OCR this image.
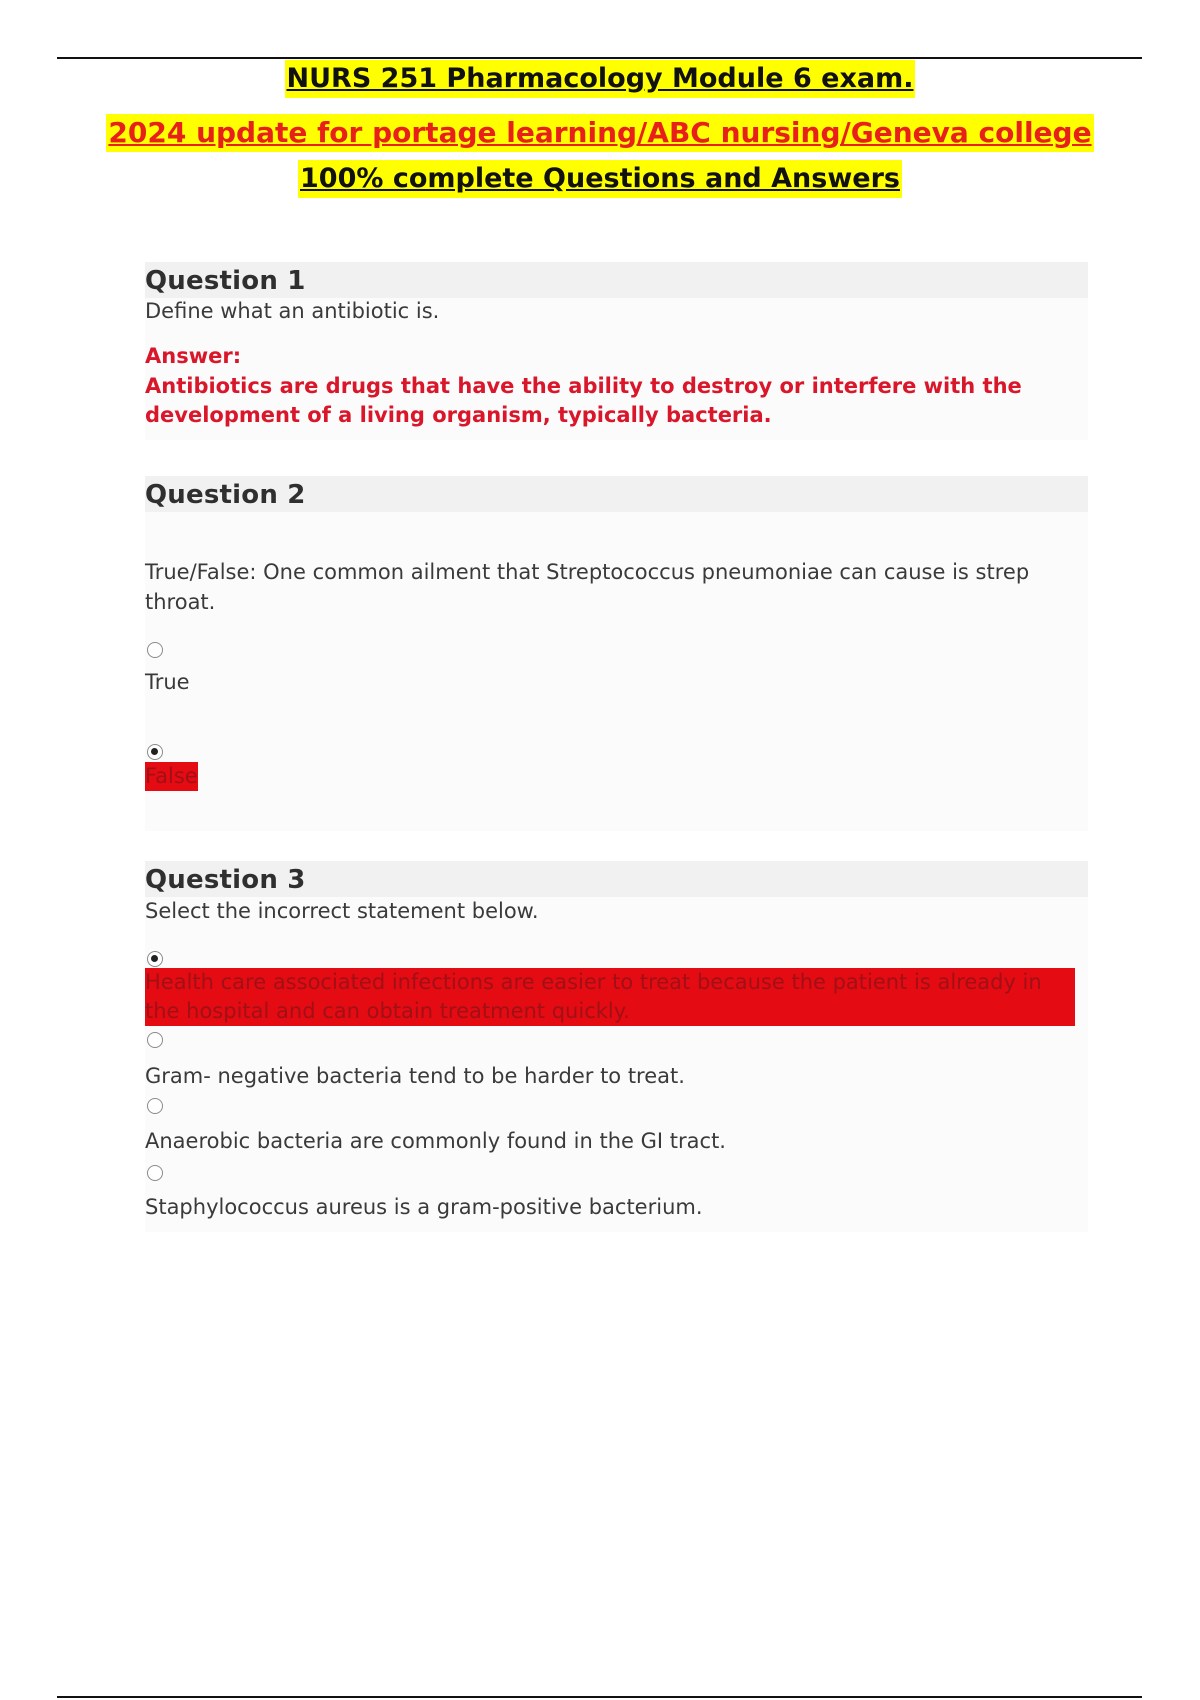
NURS 251 Pharmacology Module 6 exam.
2024 update for portage learning/ABC nursing/Geneva college
100% complete Questions and Answers
Question 1
Define what an antibiotic is.
Answer:
Antibiotics are drugs that have the ability to destroy or interfere with the development of a living organism, typically bacteria.
Question 2
True/False: One common ailment that Streptococcus pneumoniae can cause is strep
throat.
True
False
Question 3
Select the incorrect statement below.
Health care associated infections are easier to treat because the patient is already in the hospital and can obtain treatment quickly.
Gram- negative bacteria tend to be harder to treat.
Anaerobic bacteria are commonly found in the GI tract.
Staphylococcus aureus is a gram-positive bacterium.
